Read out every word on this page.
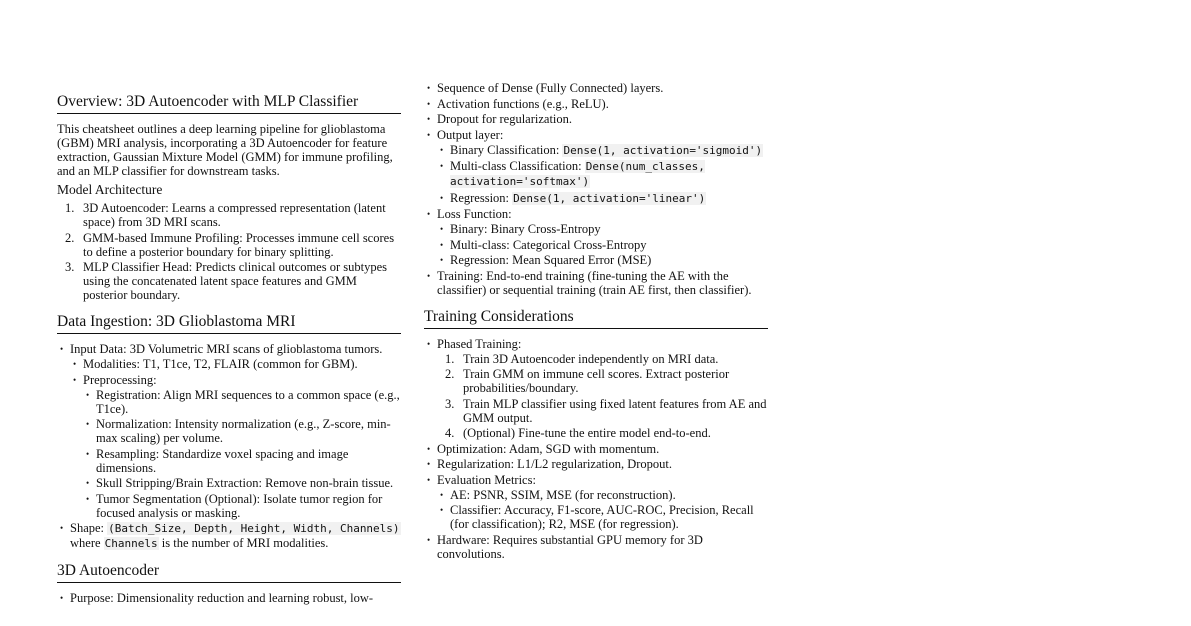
Overview: 3D Autoencoder with MLP Classifier

This cheatsheet outlines a deep learning pipeline for glioblastoma (GBM) MRI analysis, incorporating a 3D Autoencoder for feature extraction, Gaussian Mixture Model (GMM) for immune profiling, and an MLP classifier for downstream tasks.

Model Architecture
1. 3D Autoencoder: Learns a compressed representation (latent space) from 3D MRI scans.
2. GMM-based Immune Profiling: Processes immune cell scores to define a posterior boundary for binary splitting.
3. MLP Classifier Head: Predicts clinical outcomes or subtypes using the concatenated latent space features and GMM posterior boundary.
Data Ingestion: 3D Glioblastoma MRI
• Input Data: 3D Volumetric MRI scans of glioblastoma tumors.
• Modalities: T1, T1ce, T2, FLAIR (common for GBM).
• Preprocessing:
• Registration: Align MRI sequences to a common space (e.g., T1ce).
• Normalization: Intensity normalization (e.g., Z-score, min-max scaling) per volume.
• Resampling: Standardize voxel spacing and image dimensions.
• Skull Stripping/Brain Extraction: Remove non-brain tissue.
• Tumor Segmentation (Optional): Isolate tumor region for focused analysis or masking.
• Shape: (Batch_Size, Depth, Height, Width, Channels) where Channels is the number of MRI modalities.
3D Autoencoder
• Purpose: Dimensionality reduction and learning robust, low-
• Sequence of Dense (Fully Connected) layers.
• Activation functions (e.g., ReLU).
• Dropout for regularization.
• Output layer:
• Binary Classification: Dense(1, activation='sigmoid')
• Multi-class Classification: Dense(num_classes, activation='softmax')
• Regression: Dense(1, activation='linear')
• Loss Function:
• Binary: Binary Cross-Entropy
• Multi-class: Categorical Cross-Entropy
• Regression: Mean Squared Error (MSE)
• Training: End-to-end training (fine-tuning the AE with the classifier) or sequential training (train AE first, then classifier).
Training Considerations
• Phased Training:
1. Train 3D Autoencoder independently on MRI data.
2. Train GMM on immune cell scores. Extract posterior probabilities/boundary.
3. Train MLP classifier using fixed latent features from AE and GMM output.
4. (Optional) Fine-tune the entire model end-to-end.
• Optimization: Adam, SGD with momentum.
• Regularization: L1/L2 regularization, Dropout.
• Evaluation Metrics:
• AE: PSNR, SSIM, MSE (for reconstruction).
• Classifier: Accuracy, F1-score, AUC-ROC, Precision, Recall (for classification); R2, MSE (for regression).
• Hardware: Requires substantial GPU memory for 3D convolutions.
